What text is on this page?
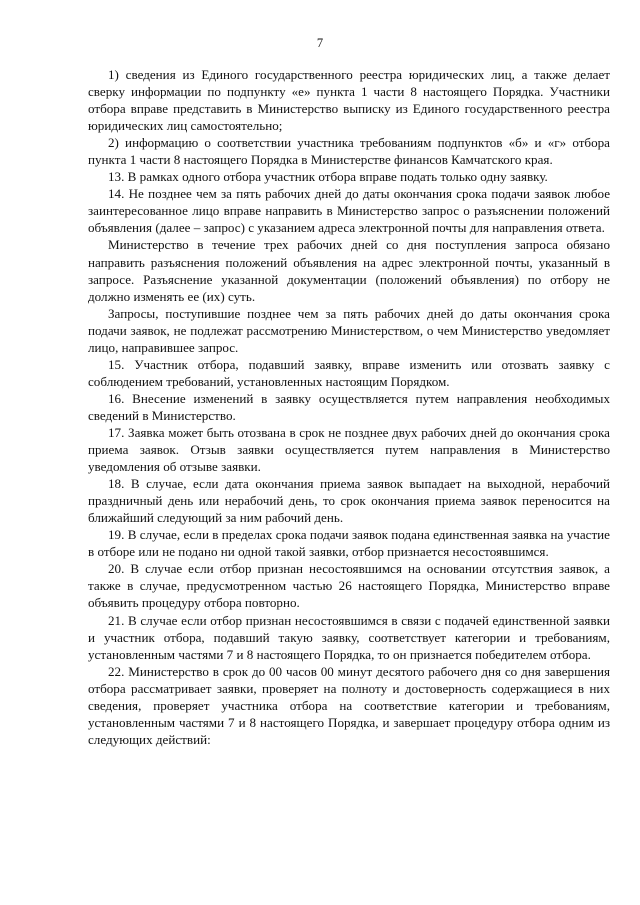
7

1) сведения из Единого государственного реестра юридических лиц, а также делает сверку информации по подпункту «е» пункта 1 части 8 настоящего Порядка. Участники отбора вправе представить в Министерство выписку из Единого государственного реестра юридических лиц самостоятельно;

2) информацию о соответствии участника требованиям подпунктов «б» и «г» отбора пункта 1 части 8 настоящего Порядка в Министерстве финансов Камчатского края.

13. В рамках одного отбора участник отбора вправе подать только одну заявку.

14. Не позднее чем за пять рабочих дней до даты окончания срока подачи заявок любое заинтересованное лицо вправе направить в Министерство запрос о разъяснении положений объявления (далее – запрос) с указанием адреса электронной почты для направления ответа.

Министерство в течение трех рабочих дней со дня поступления запроса обязано направить разъяснения положений объявления на адрес электронной почты, указанный в запросе. Разъяснение указанной документации (положений объявления) по отбору не должно изменять ее (их) суть.

Запросы, поступившие позднее чем за пять рабочих дней до даты окончания срока подачи заявок, не подлежат рассмотрению Министерством, о чем Министерство уведомляет лицо, направившее запрос.

15. Участник отбора, подавший заявку, вправе изменить или отозвать заявку с соблюдением требований, установленных настоящим Порядком.

16. Внесение изменений в заявку осуществляется путем направления необходимых сведений в Министерство.

17. Заявка может быть отозвана в срок не позднее двух рабочих дней до окончания срока приема заявок. Отзыв заявки осуществляется путем направления в Министерство уведомления об отзыве заявки.

18. В случае, если дата окончания приема заявок выпадает на выходной, нерабочий праздничный день или нерабочий день, то срок окончания приема заявок переносится на ближайший следующий за ним рабочий день.

19. В случае, если в пределах срока подачи заявок подана единственная заявка на участие в отборе или не подано ни одной такой заявки, отбор признается несостоявшимся.

20. В случае если отбор признан несостоявшимся на основании отсутствия заявок, а также в случае, предусмотренном частью 26 настоящего Порядка, Министерство вправе объявить процедуру отбора повторно.

21. В случае если отбор признан несостоявшимся в связи с подачей единственной заявки и участник отбора, подавший такую заявку, соответствует категории и требованиям, установленным частями 7 и 8 настоящего Порядка, то он признается победителем отбора.

22. Министерство в срок до 00 часов 00 минут десятого рабочего дня со дня завершения отбора рассматривает заявки, проверяет на полноту и достоверность содержащиеся в них сведения, проверяет участника отбора на соответствие категории и требованиям, установленным частями 7 и 8 настоящего Порядка, и завершает процедуру отбора одним из следующих действий:
